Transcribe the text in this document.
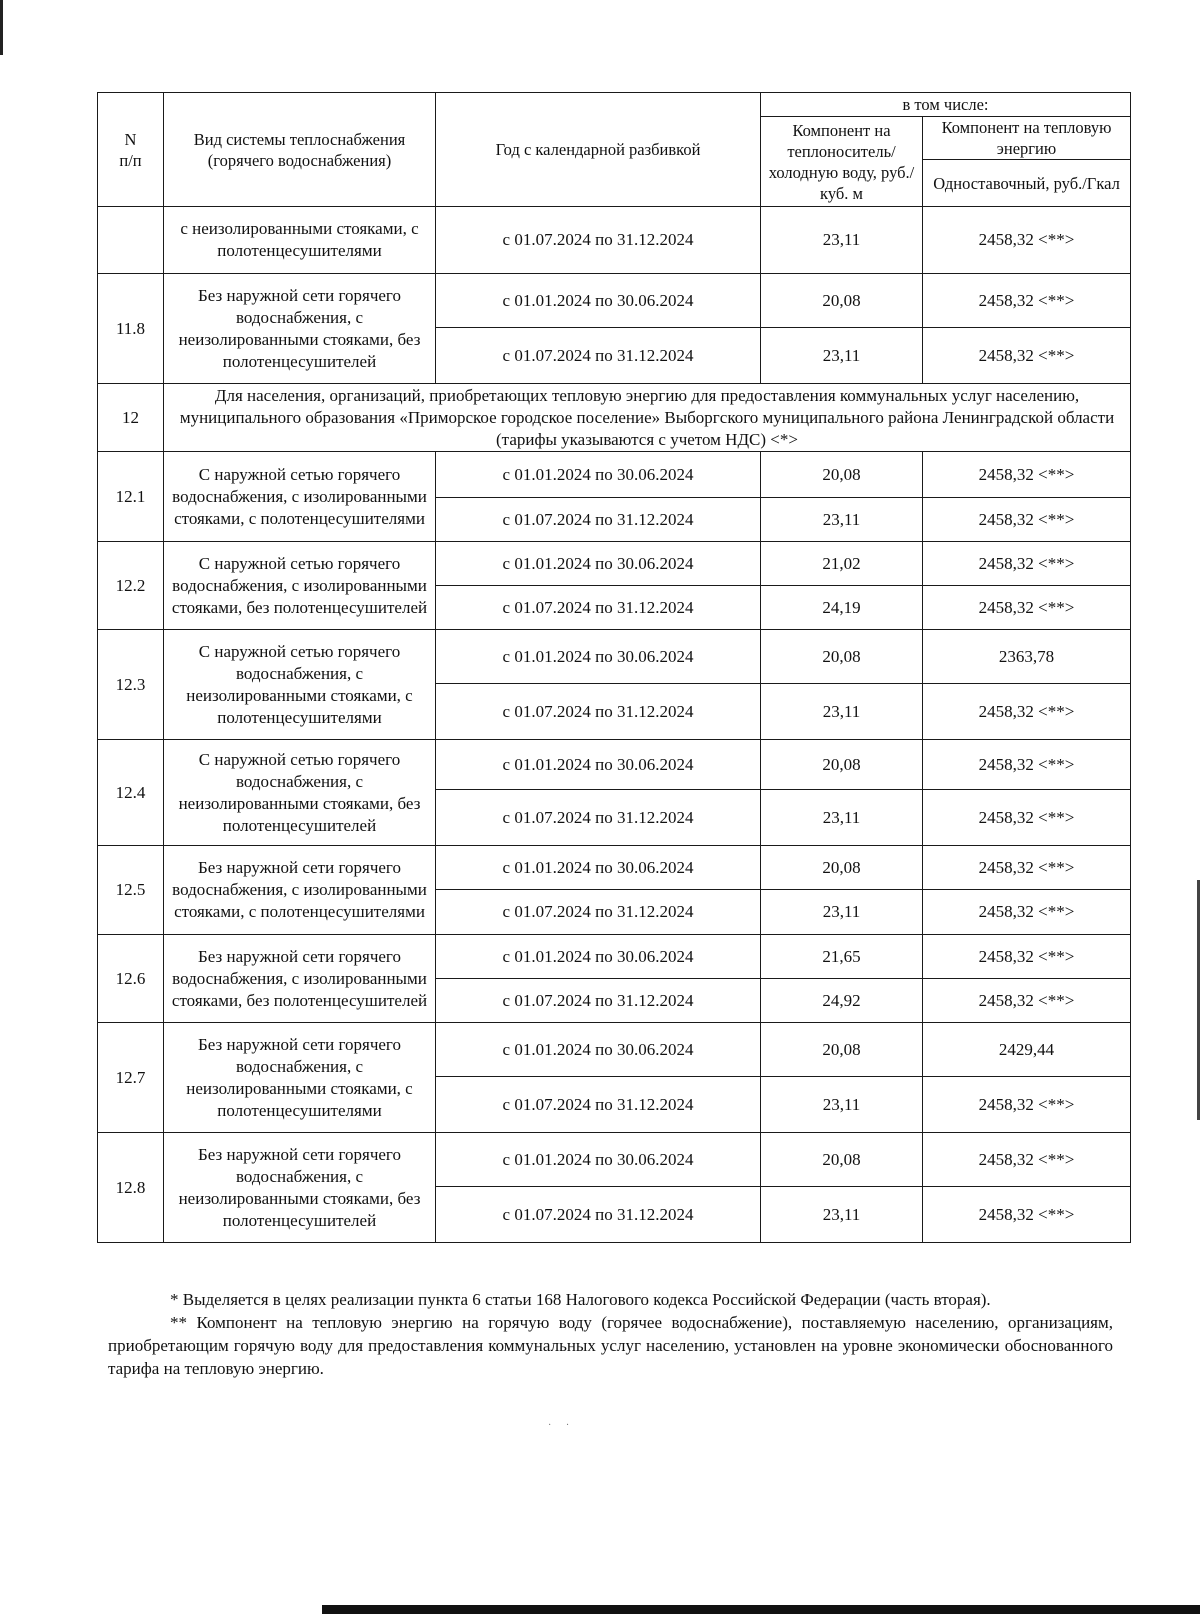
· ·
N
п/п	Вид системы теплоснабжения (горячего водоснабжения)	Год с календарной разбивкой	в том числе:	
			Компонент на теплоноситель/ холодную воду, руб./куб. м	Компонент на тепловую энергию
				Одноставочный, руб./Гкал

	с неизолированными стояками, с полотенцесушителями	с 01.07.2024 по 31.12.2024	23,11	2458,32 <**>
11.8	Без наружной сети горячего водоснабжения, с неизолированными стояками, без полотенцесушителей	с 01.01.2024 по 30.06.2024	20,08	2458,32 <**>
		с 01.07.2024 по 31.12.2024	23,11	2458,32 <**>
12	Для населения, организаций, приобретающих тепловую энергию для предоставления коммунальных услуг населению, муниципального образования «Приморское городское поселение» Выборгского муниципального района Ленинградской области (тарифы указываются с учетом НДС) <*>			
12.1	С наружной сетью горячего водоснабжения, с изолированными стояками, с полотенцесушителями	с 01.01.2024 по 30.06.2024	20,08	2458,32 <**>
		с 01.07.2024 по 31.12.2024	23,11	2458,32 <**>
12.2	С наружной сетью горячего водоснабжения, с изолированными стояками, без полотенцесушителей	с 01.01.2024 по 30.06.2024	21,02	2458,32 <**>
		с 01.07.2024 по 31.12.2024	24,19	2458,32 <**>
12.3	С наружной сетью горячего водоснабжения, с неизолированными стояками, с полотенцесушителями	с 01.01.2024 по 30.06.2024	20,08	2363,78
		с 01.07.2024 по 31.12.2024	23,11	2458,32 <**>
12.4	С наружной сетью горячего водоснабжения, с неизолированными стояками, без полотенцесушителей	с 01.01.2024 по 30.06.2024	20,08	2458,32 <**>
		с 01.07.2024 по 31.12.2024	23,11	2458,32 <**>
12.5	Без наружной сети горячего водоснабжения, с изолированными стояками, с полотенцесушителями	с 01.01.2024 по 30.06.2024	20,08	2458,32 <**>
		с 01.07.2024 по 31.12.2024	23,11	2458,32 <**>
12.6	Без наружной сети горячего водоснабжения, с изолированными стояками, без полотенцесушителей	с 01.01.2024 по 30.06.2024	21,65	2458,32 <**>
		с 01.07.2024 по 31.12.2024	24,92	2458,32 <**>
12.7	Без наружной сети горячего водоснабжения, с неизолированными стояками, с полотенцесушителями	с 01.01.2024 по 30.06.2024	20,08	2429,44
		с 01.07.2024 по 31.12.2024	23,11	2458,32 <**>
12.8	Без наружной сети горячего водоснабжения, с неизолированными стояками, без полотенцесушителей	с 01.01.2024 по 30.06.2024	20,08	2458,32 <**>
		с 01.07.2024 по 31.12.2024	23,11	2458,32 <**>

* Выделяется в целях реализации пункта 6 статьи 168 Налогового кодекса Российской Федерации (часть вторая).

** Компонент на тепловую энергию на горячую воду (горячее водоснабжение), поставляемую населению, организациям, приобретающим горячую воду для предоставления коммунальных услуг населению, установлен на уровне экономически обоснованного тарифа на тепловую энергию.
